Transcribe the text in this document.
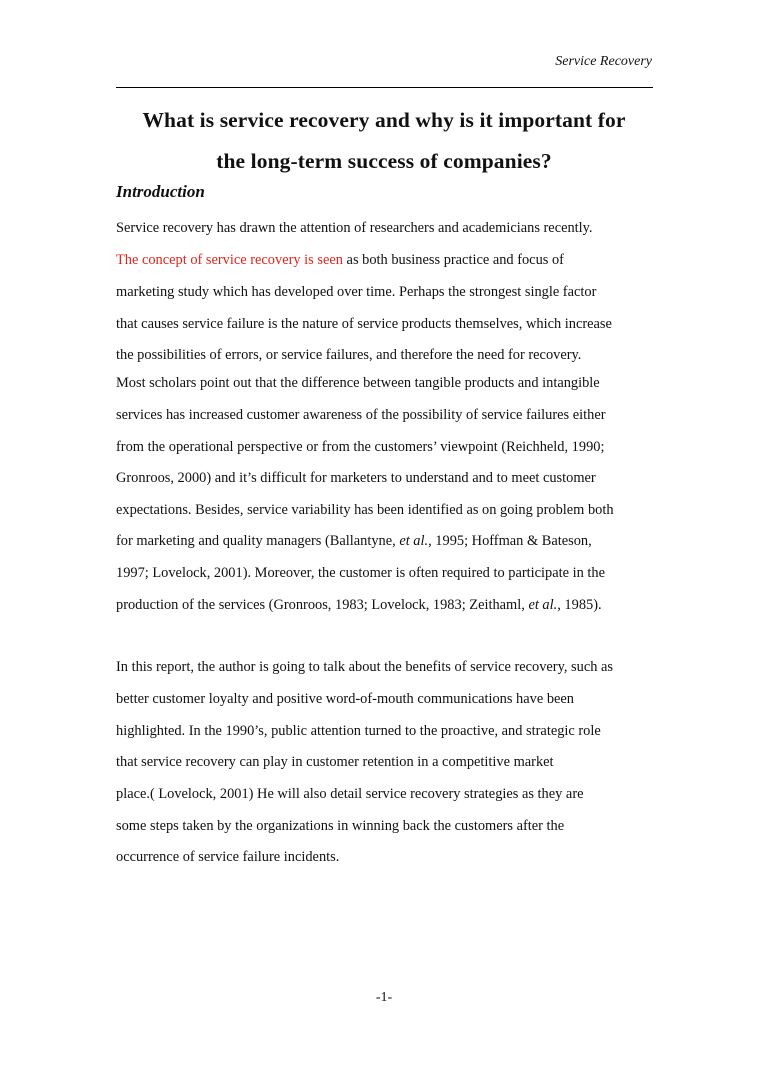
Service Recovery
What is service recovery and why is it important for
the long-term success of companies?
Introduction
Service recovery has drawn the attention of researchers and academicians recently.
The concept of service recovery is seen as both business practice and focus of
marketing study which has developed over time. Perhaps the strongest single factor
that causes service failure is the nature of service products themselves, which increase
the possibilities of errors, or service failures, and therefore the need for recovery.
Most scholars point out that the difference between tangible products and intangible
services has increased customer awareness of the possibility of service failures either
from the operational perspective or from the customers’ viewpoint (Reichheld, 1990;
Gronroos, 2000) and it’s difficult for marketers to understand and to meet customer
expectations. Besides, service variability has been identified as on going problem both
for marketing and quality managers (Ballantyne, et al., 1995; Hoffman & Bateson,
1997; Lovelock, 2001). Moreover, the customer is often required to participate in the
production of the services (Gronroos, 1983; Lovelock, 1983; Zeithaml, et al., 1985).
In this report, the author is going to talk about the benefits of service recovery, such as
better customer loyalty and positive word-of-mouth communications have been
highlighted. In the 1990’s, public attention turned to the proactive, and strategic role
that service recovery can play in customer retention in a competitive market
place.( Lovelock, 2001) He will also detail service recovery strategies as they are
some steps taken by the organizations in winning back the customers after the
occurrence of service failure incidents.
-1-
